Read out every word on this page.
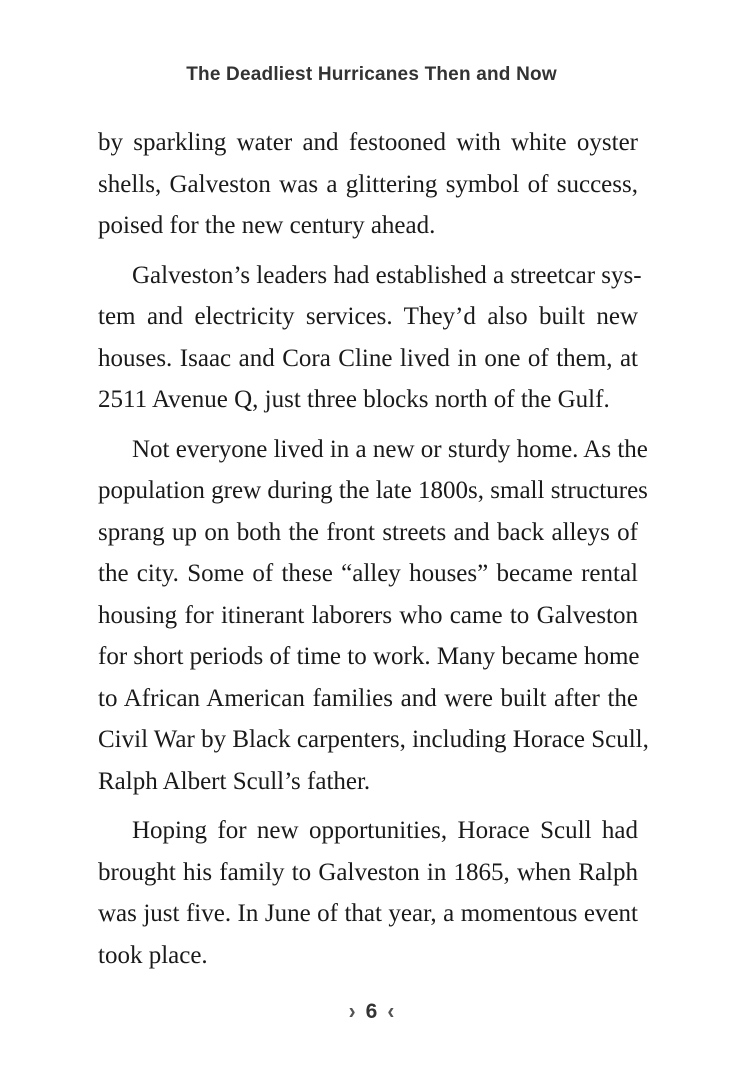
The Deadliest Hurricanes Then and Now
by sparkling water and festooned with white oyster
shells, Galveston was a glittering symbol of success,
poised for the new century ahead.
Galveston’s leaders had established a streetcar sys-
tem and electricity services. They’d also built new
houses. Isaac and Cora Cline lived in one of them, at
2511 Avenue Q, just three blocks north of the Gulf.
Not everyone lived in a new or sturdy home. As the
population grew during the late 1800s, small structures
sprang up on both the front streets and back alleys of
the city. Some of these “alley houses” became rental
housing for itinerant laborers who came to Galveston
for short periods of time to work. Many became home
to African American families and were built after the
Civil War by Black carpenters, including Horace Scull,
Ralph Albert Scull’s father.
Hoping for new opportunities, Horace Scull had
brought his family to Galveston in 1865, when Ralph
was just five. In June of that year, a momentous event
took place.
› 6 ‹
